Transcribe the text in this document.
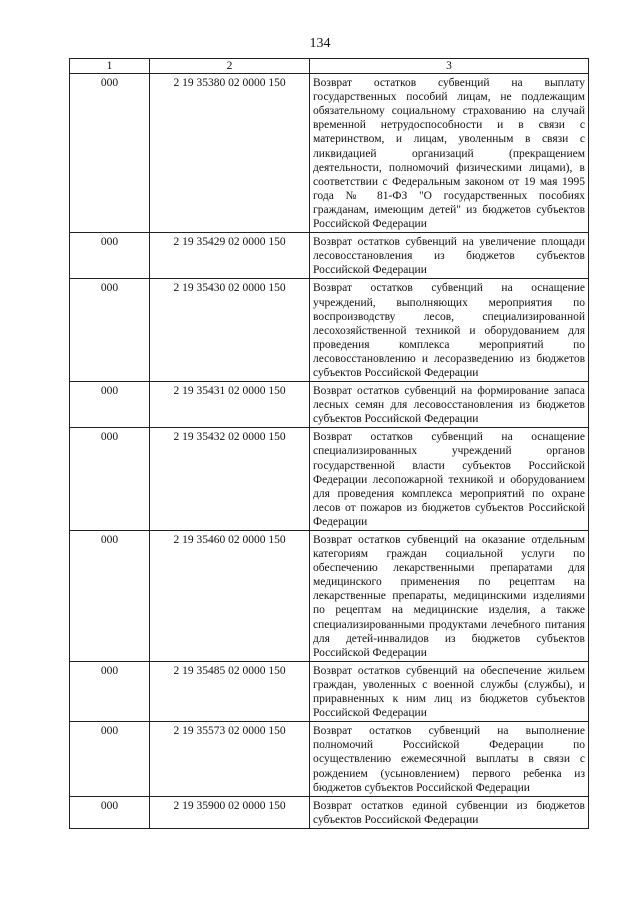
134
1	2	3
000	2 19 35380 02 0000 150	Возврат остатков субвенций на выплату государственных пособий лицам, не подлежащим обязательному социальному страхованию на случай временной нетрудоспособности и в связи с материнством, и лицам, уволенным в связи с ликвидацией организаций (прекращением деятельности, полномочий физическими лицами), в соответствии с Федеральным законом от 19 мая 1995 года № 81-ФЗ "О государственных пособиях гражданам, имеющим детей" из бюджетов субъектов Российской Федерации
000	2 19 35429 02 0000 150	Возврат остатков субвенций на увеличение площади лесовосстановления из бюджетов субъектов Российской Федерации
000	2 19 35430 02 0000 150	Возврат остатков субвенций на оснащение учреждений, выполняющих мероприятия по воспроизводству лесов, специализированной лесохозяйственной техникой и оборудованием для проведения комплекса мероприятий по лесовосстановлению и лесоразведению из бюджетов субъектов Российской Федерации
000	2 19 35431 02 0000 150	Возврат остатков субвенций на формирование запаса лесных семян для лесовосстановления из бюджетов субъектов Российской Федерации
000	2 19 35432 02 0000 150	Возврат остатков субвенций на оснащение специализированных учреждений органов государственной власти субъектов Российской Федерации лесопожарной техникой и оборудованием для проведения комплекса мероприятий по охране лесов от пожаров из бюджетов субъектов Российской Федерации
000	2 19 35460 02 0000 150	Возврат остатков субвенций на оказание отдельным категориям граждан социальной услуги по обеспечению лекарственными препаратами для медицинского применения по рецептам на лекарственные препараты, медицинскими изделиями по рецептам на медицинские изделия, а также специализированными продуктами лечебного питания для детей-инвалидов из бюджетов субъектов Российской Федерации
000	2 19 35485 02 0000 150	Возврат остатков субвенций на обеспечение жильем граждан, уволенных с военной службы (службы), и приравненных к ним лиц из бюджетов субъектов Российской Федерации
000	2 19 35573 02 0000 150	Возврат остатков субвенций на выполнение полномочий Российской Федерации по осуществлению ежемесячной выплаты в связи с рождением (усыновлением) первого ребенка из бюджетов субъектов Российской Федерации
000	2 19 35900 02 0000 150	Возврат остатков единой субвенции из бюджетов субъектов Российской Федерации
